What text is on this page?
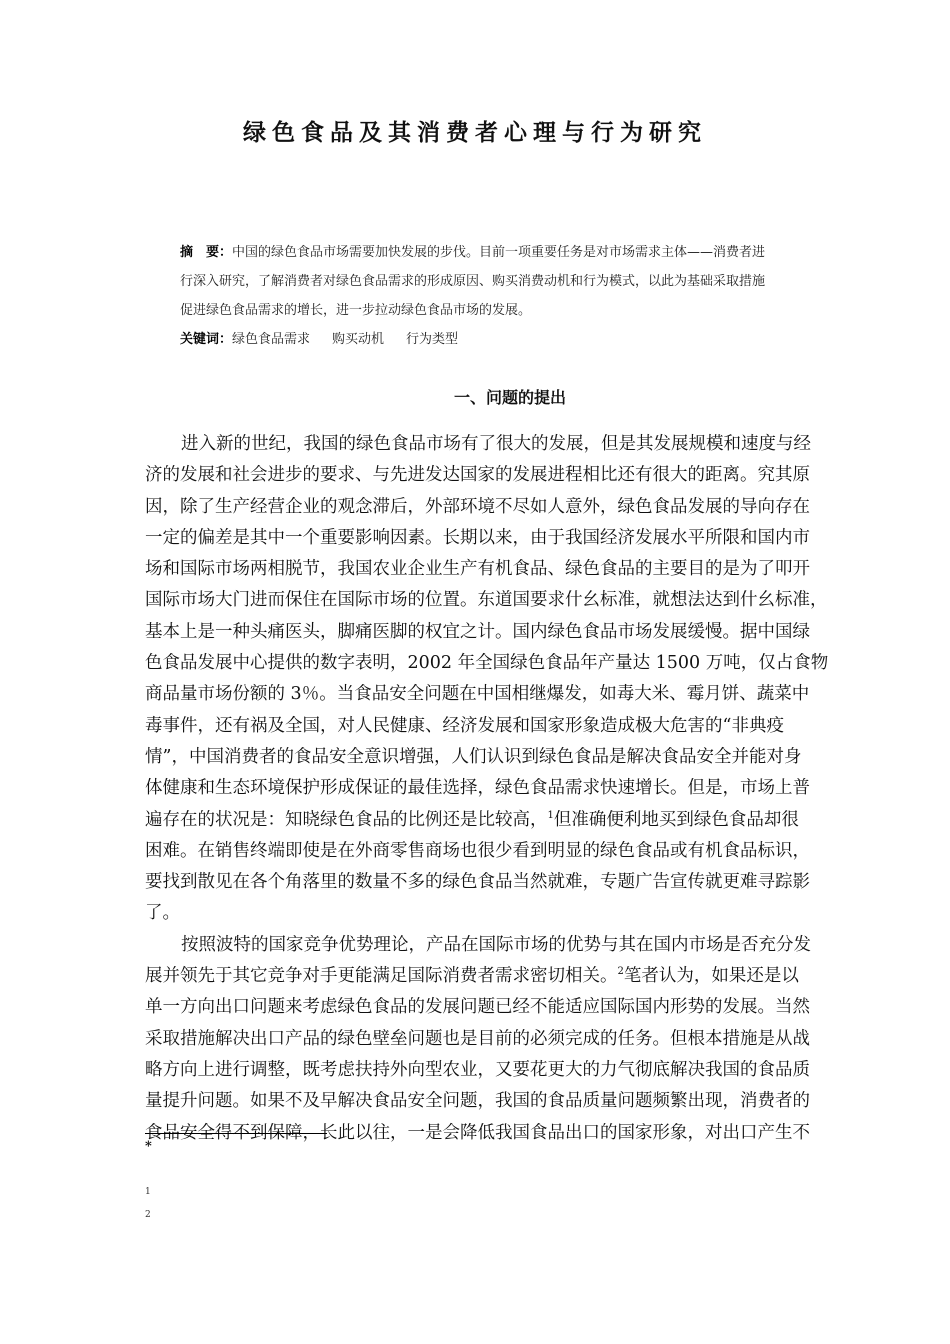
绿色食品及其消费者心理与行为研究
摘　要：中国的绿色食品市场需要加快发展的步伐。目前一项重要任务是对市场需求主体——消费者进
行深入研究，了解消费者对绿色食品需求的形成原因、购买消费动机和行为模式，以此为基础采取措施
促进绿色食品需求的增长，进一步拉动绿色食品市场的发展。
关键词：绿色食品需求 购买动机 行为类型
一、问题的提出
进入新的世纪，我国的绿色食品市场有了很大的发展，但是其发展规模和速度与经
济的发展和社会进步的要求、与先进发达国家的发展进程相比还有很大的距离。究其原
因，除了生产经营企业的观念滞后，外部环境不尽如人意外，绿色食品发展的导向存在
一定的偏差是其中一个重要影响因素。长期以来，由于我国经济发展水平所限和国内市
场和国际市场两相脱节，我国农业企业生产有机食品、绿色食品的主要目的是为了叩开
国际市场大门进而保住在国际市场的位置。东道国要求什幺标准，就想法达到什幺标准，
基本上是一种头痛医头，脚痛医脚的权宜之计。国内绿色食品市场发展缓慢。据中国绿
色食品发展中心提供的数字表明，2002 年全国绿色食品年产量达 1500 万吨，仅占食物
商品量市场份额的 3％。当食品安全问题在中国相继爆发，如毒大米、霉月饼、蔬菜中
毒事件，还有祸及全国，对人民健康、经济发展和国家形象造成极大危害的“非典疫
情”，中国消费者的食品安全意识增强，人们认识到绿色食品是解决食品安全并能对身
体健康和生态环境保护形成保证的最佳选择，绿色食品需求快速增长。但是，市场上普
遍存在的状况是：知晓绿色食品的比例还是比较高，$^1$但准确便利地买到绿色食品却很
困难。在销售终端即使是在外商零售商场也很少看到明显的绿色食品或有机食品标识，
要找到散见在各个角落里的数量不多的绿色食品当然就难，专题广告宣传就更难寻踪影
了。
按照波特的国家竞争优势理论，产品在国际市场的优势与其在国内市场是否充分发
展并领先于其它竞争对手更能满足国际消费者需求密切相关。$^2$笔者认为，如果还是以
单一方向出口问题来考虑绿色食品的发展问题已经不能适应国际国内形势的发展。当然
采取措施解决出口产品的绿色壁垒问题也是目前的必须完成的任务。但根本措施是从战
略方向上进行调整，既考虑扶持外向型农业，又要花更大的力气彻底解决我国的食品质
量提升问题。如果不及早解决食品安全问题，我国的食品质量问题频繁出现，消费者的
食品安全得不到保障，长此以往，一是会降低我国食品出口的国家形象，对出口产生不
*
1
2
